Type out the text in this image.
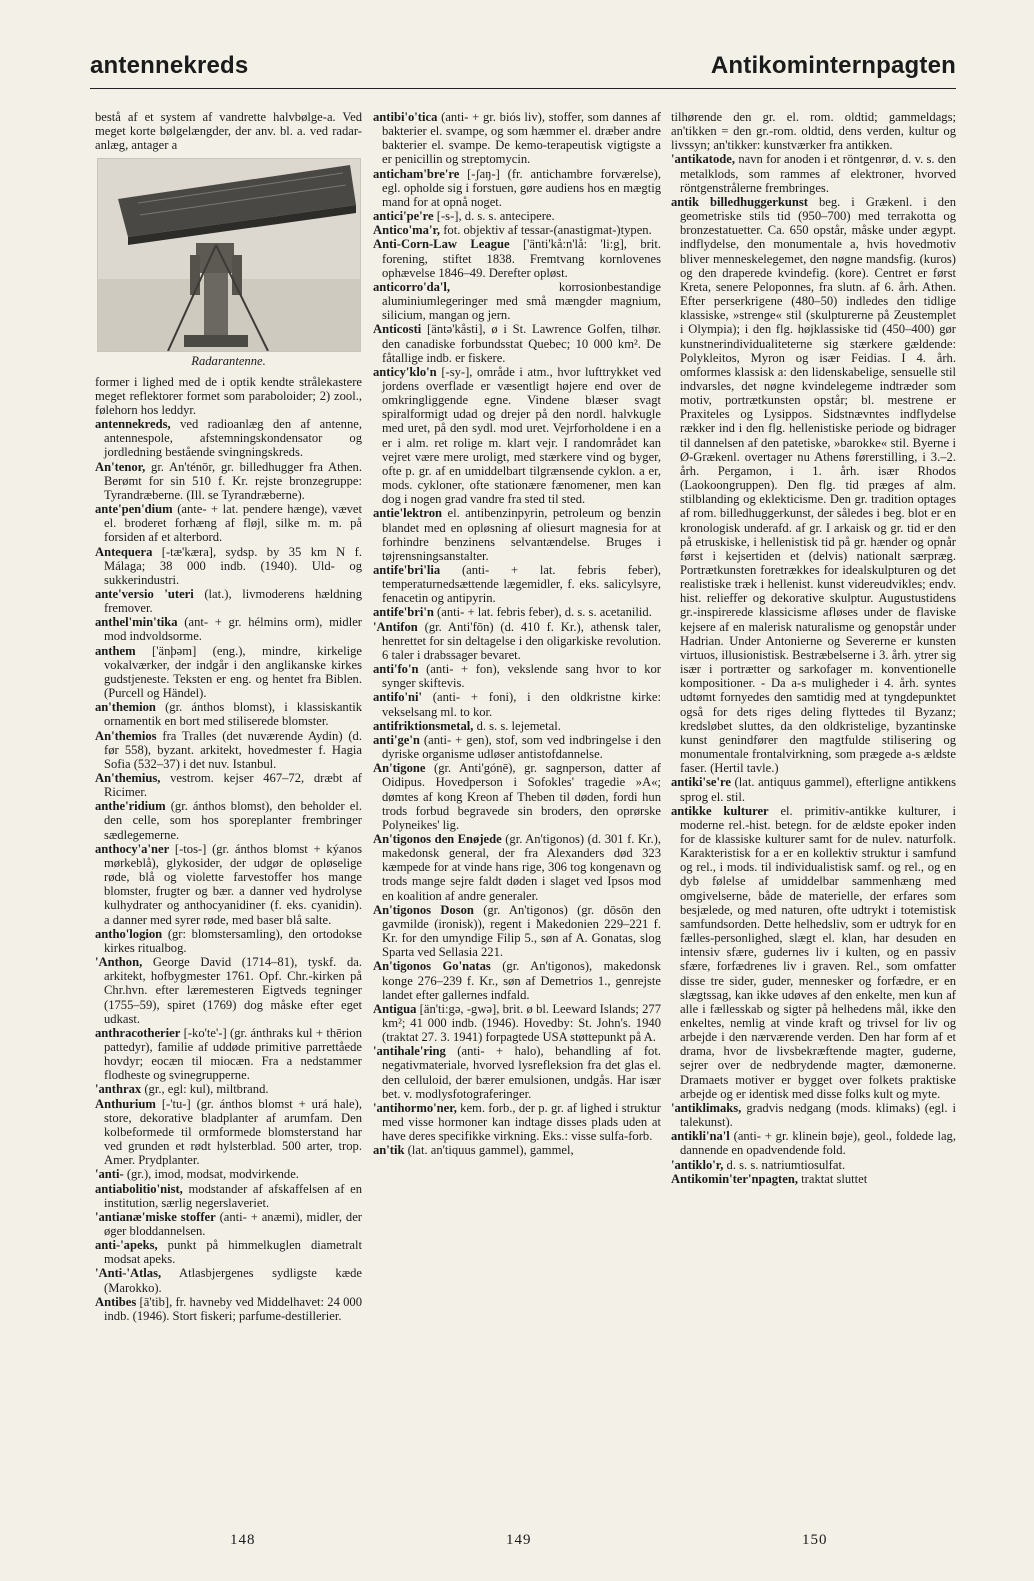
antennekreds	Antikominternpagten

bestå af et system af vandrette halvbølge-a. Ved meget korte bølgelængder, der anv. bl. a. ved radar-anlæg, antager a

Radarantenne.

former i lighed med de i optik kendte strålekastere meget reflektorer formet som paraboloider; 2) zool., følehorn hos leddyr.

antennekreds, ved radioanlæg den af antenne, antennespole, afstemningskondensator og jordledning bestående svingningskreds.

An'tenor, gr. An'ténōr, gr. billedhugger fra Athen. Berømt for sin 510 f. Kr. rejste bronzegruppe: Tyrandræberne. (Ill. se Tyrandræberne).

ante'pen'dium (ante- + lat. pendere hænge), vævet el. broderet forhæng af fløjl, silke m. m. på forsiden af et alterbord.

Antequera [-tæ'kæra], sydsp. by 35 km N f. Málaga; 38 000 indb. (1940). Uld- og sukkerindustri.

ante'versio 'uteri (lat.), livmoderens hældning fremover.

anthel'min'tika (ant- + gr. hélmins orm), midler mod indvoldsorme.

anthem ['änþəm] (eng.), mindre, kirkelige vokalværker, der indgår i den anglikanske kirkes gudstjeneste. Teksten er eng. og hentet fra Biblen. (Purcell og Händel).

an'themion (gr. ánthos blomst), i klassiskantik ornamentik en bort med stiliserede blomster.

An'themios fra Tralles (det nuværende Aydin) (d. før 558), byzant. arkitekt, hovedmester f. Hagia Sofia (532–37) i det nuv. Istanbul.

An'themius, vestrom. kejser 467–72, dræbt af Ricimer.

anthe'ridium (gr. ánthos blomst), den beholder el. den celle, som hos sporeplanter frembringer sædlegemerne.

anthocy'a'ner [-tos-] (gr. ánthos blomst + kýanos mørkeblå), glykosider, der udgør de opløselige røde, blå og violette farvestoffer hos mange blomster, frugter og bær. a danner ved hydrolyse kulhydrater og anthocyanidiner (f. eks. cyanidin). a danner med syrer røde, med baser blå salte.

antho'logion (gr: blomstersamling), den ortodokse kirkes ritualbog.

'Anthon, George David (1714–81), tyskf. da. arkitekt, hofbygmester 1761. Opf. Chr.-kirken på Chr.hvn. efter læremesteren Eigtveds tegninger (1755–59), spiret (1769) dog måske efter eget udkast.

anthracotherier [-ko'te'-] (gr. ánthraks kul + thērion pattedyr), familie af uddøde primitive parrettåede hovdyr; eocæn til miocæn. Fra a nedstammer flodheste og svinegrupperne.

'anthrax (gr., egl: kul), miltbrand.

Anthurium [-'tu-] (gr. ánthos blomst + urá hale), store, dekorative bladplanter af arumfam. Den kolbeformede til ormformede blomsterstand har ved grunden et rødt hylsterblad. 500 arter, trop. Amer. Prydplanter.

'anti- (gr.), imod, modsat, modvirkende.

antiabolitio'nist, modstander af afskaffelsen af en institution, særlig negerslaveriet.

'antianæ'miske stoffer (anti- + anæmi), midler, der øger bloddannelsen.

anti-'apeks, punkt på himmelkuglen diametralt modsat apeks.

'Anti-'Atlas, Atlasbjergenes sydligste kæde (Marokko).

Antibes [ā'tib], fr. havneby ved Middelhavet: 24 000 indb. (1946). Stort fiskeri; parfume-destillerier.

antibi'o'tica (anti- + gr. biós liv), stoffer, som dannes af bakterier el. svampe, og som hæmmer el. dræber andre bakterier el. svampe. De kemo-terapeutisk vigtigste a er penicillin og streptomycin.

anticham'bre're [-ʃaŋ-] (fr. antichambre forværelse), egl. opholde sig i forstuen, gøre audiens hos en mægtig mand for at opnå noget.

antici'pe're [-s-], d. s. s. antecipere.

Antico'ma'r, fot. objektiv af tessar-(anastigmat-)typen.

Anti-Corn-Law League ['änti'kå:n'lå: 'li:g], brit. forening, stiftet 1838. Fremtvang kornlovenes ophævelse 1846–49. Derefter opløst.

anticorro'da'l,	korrosionbestandige aluminiumlegeringer med små mængder magnium, silicium, mangan og jern.

Anticosti [äntə'kåsti], ø i St. Lawrence Golfen, tilhør. den canadiske forbundsstat Quebec; 10 000 km². De fåtallige indb. er fiskere.

anticy'klo'n [-sy-], område i atm., hvor lufttrykket ved jordens overflade er væsentligt højere end over de omkringliggende egne. Vindene blæser svagt spiralformigt udad og drejer på den nordl. halvkugle med uret, på den sydl. mod uret. Vejrforholdene i en a er i alm. ret rolige m. klart vejr. I randområdet kan vejret være mere uroligt, med stærkere vind og byger, ofte p. gr. af en umiddelbart tilgrænsende cyklon. a er, mods. cykloner, ofte stationære fænomener, men kan dog i nogen grad vandre fra sted til sted.

antie'lektron el. antibenzinpyrin, petroleum og benzin blandet med en opløsning af oliesurt magnesia for at forhindre benzinens selvantændelse. Bruges i tøjrensningsanstalter.

antife'bri'lia (anti- + lat. febris feber), temperaturnedsættende lægemidler, f. eks. salicylsyre, fenacetin og antipyrin.

antife'bri'n (anti- + lat. febris feber), d. s. s. acetanilid.

'Antifon (gr. Anti'fōn) (d. 410 f. Kr.), athensk taler, henrettet for sin deltagelse i den oligarkiske revolution. 6 taler i drabssager bevaret.

anti'fo'n (anti- + fon), vekslende sang hvor to kor synger skiftevis.

antifo'ni' (anti- + foni), i den oldkristne kirke: vekselsang ml. to kor.

antifriktionsmetal, d. s. s. lejemetal.

anti'ge'n (anti- + gen), stof, som ved indbringelse i den dyriske organisme udløser antistofdannelse.

An'tigone (gr. Anti'gónē), gr. sagnperson, datter af Oidipus. Hovedperson i Sofokles' tragedie »A«; dømtes af kong Kreon af Theben til døden, fordi hun trods forbud begravede sin broders, den oprørske Polyneikes' lig.

An'tigonos den Enøjede (gr. An'tigonos) (d. 301 f. Kr.), makedonsk general, der fra Alexanders død 323 kæmpede for at vinde hans rige, 306 tog kongenavn og trods mange sejre faldt døden i slaget ved Ipsos mod en koalition af andre generaler.

An'tigonos Doson (gr. An'tigonos) (gr. dōsōn den gavmilde (ironisk)), regent i Makedonien 229–221 f. Kr. for den umyndige Filip 5., søn af A. Gonatas, slog Sparta ved Sellasia 221.

An'tigonos Go'natas (gr. An'tigonos), makedonsk konge 276–239 f. Kr., søn af Demetrios 1., genrejste landet efter gallernes indfald.

Antigua [än'ti:gə, -gwə], brit. ø bl. Leeward Islands; 277 km²; 41 000 indb. (1946). Hovedby: St. John's. 1940 (traktat 27. 3. 1941) forpagtede USA støttepunkt på A.

'antihale'ring (anti- + halo), behandling af fot. negativmateriale, hvorved lysrefleksion fra det glas el. den celluloid, der bærer emulsionen, undgås. Har især bet. v. modlysfotograferinger.

'antihormo'ner, kem. forb., der p. gr. af lighed i struktur med visse hormoner kan indtage disses plads uden at have deres specifikke virkning. Eks.: visse sulfa-forb.

an'tik (lat. an'tiquus gammel), gammel,

tilhørende den gr. el. rom. oldtid; gammeldags; an'tikken = den gr.-rom. oldtid, dens verden, kultur og livssyn; an'tikker: kunstværker fra antikken.

'antikatode, navn for anoden i et röntgenrør, d. v. s. den metalklods, som rammes af elektroner, hvorved röntgenstrålerne frembringes.

antik billedhuggerkunst beg. i Grækenl. i den geometriske stils tid (950–700) med terrakotta og bronzestatuetter. Ca. 650 opstår, måske under ægypt. indflydelse, den monumentale a, hvis hovedmotiv bliver menneskelegemet, den nøgne mandsfig. (kuros) og den draperede kvindefig. (kore). Centret er først Kreta, senere Peloponnes, fra slutn. af 6. årh. Athen. Efter perserkrigene (480–50) indledes den tidlige klassiske, »strenge« stil (skulpturerne på Zeustemplet i Olympia); i den flg. højklassiske tid (450–400) gør kunstnerindividualiteterne sig stærkere gældende: Polykleitos, Myron og især Feidias. I 4. årh. omformes klassisk a: den lidenskabelige, sensuelle stil indvarsles, det nøgne kvindelegeme indtræder som motiv, portrætkunsten opstår; bl. mestrene er Praxiteles og Lysippos. Sidstnævntes indflydelse rækker ind i den flg. hellenistiske periode og bidrager til dannelsen af den patetiske, »barokke« stil. Byerne i Ø-Grækenl. overtager nu Athens førerstilling, i 3.–2. årh. Pergamon, i 1. årh. især Rhodos (Laokoongruppen). Den flg. tid præges af alm. stilblanding og eklekticisme. Den gr. tradition optages af rom. billedhuggerkunst, der således i beg. blot er en kronologisk underafd. af gr. I arkaisk og gr. tid er den på etruskiske, i hellenistisk tid på gr. hænder og opnår først i kejsertiden et (delvis) nationalt særpræg. Portrætkunsten foretrækkes for idealskulpturen og det realistiske træk i hellenist. kunst videreudvikles; endv. hist. relieffer og dekorative skulptur. Augustustidens gr.-inspirerede klassicisme afløses under de flaviske kejsere af en malerisk naturalisme og genopstår under Hadrian. Under Antonierne og Severerne er kunsten virtuos, illusionistisk. Bestræbelserne i 3. årh. ytrer sig især i portrætter og sarkofager m. konventionelle kompositioner. - Da a-s muligheder i 4. årh. syntes udtømt fornyedes den samtidig med at tyngdepunktet også for dets riges deling flyttedes til Byzanz; kredsløbet sluttes, da den oldkristelige, byzantinske kunst genindfører den magtfulde stilisering og monumentale frontalvirkning, som prægede a-s ældste faser. (Hertil tavle.)

antiki'se're (lat. antiquus gammel), efterligne antikkens sprog el. stil.

antikke kulturer el. primitiv-antikke kulturer, i moderne rel.-hist. betegn. for de ældste epoker inden for de klassiske kulturer samt for de nulev. naturfolk. Karakteristisk for a er en kollektiv struktur i samfund og rel., i mods. til individualistisk samf. og rel., og en dyb følelse af umiddelbar sammenhæng med omgivelserne, både de materielle, der erfares som besjælede, og med naturen, ofte udtrykt i totemistisk samfundsorden. Dette helhedsliv, som er udtryk for en fælles-personlighed, slægt el. klan, har desuden en intensiv sfære, gudernes liv i kulten, og en passiv sfære, forfædrenes liv i graven. Rel., som omfatter disse tre sider, guder, mennesker og forfædre, er en slægtssag, kan ikke udøves af den enkelte, men kun af alle i fællesskab og sigter på helhedens mål, ikke den enkeltes, nemlig at vinde kraft og trivsel for liv og arbejde i den nærværende verden. Den har form af et drama, hvor de livsbekræftende magter, guderne, sejrer over de nedbrydende magter, dæmonerne. Dramaets motiver er bygget over folkets praktiske arbejde og er identisk med disse folks kult og myte.

'antiklimaks, gradvis nedgang (mods. klimaks) (egl. i talekunst).

antikli'na'l (anti- + gr. klinein bøje), geol., foldede lag, dannende en opadvendende fold.

'antiklo'r, d. s. s. natriumtiosulfat.

Antikomin'ter'npagten, traktat sluttet

148	149	150
